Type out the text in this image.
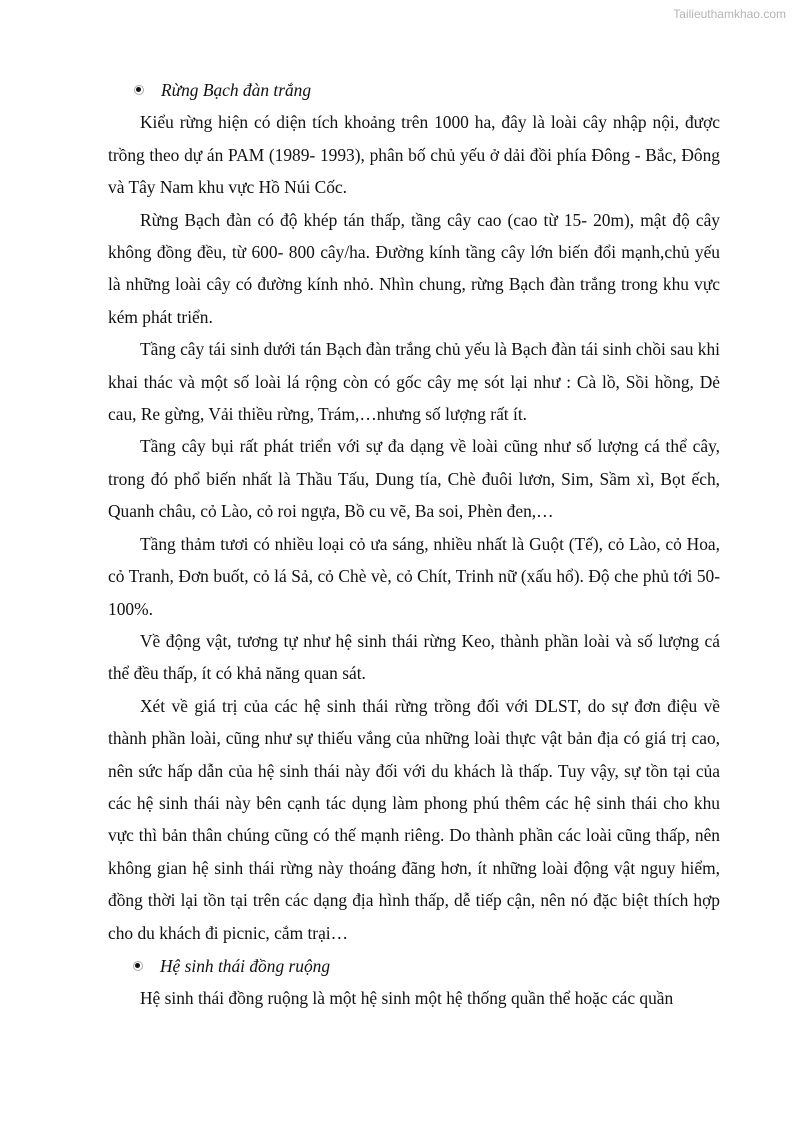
Tailieuthamkhao.com
Rừng Bạch đàn trắng

Kiểu rừng hiện có diện tích khoảng trên 1000 ha, đây là loài cây nhập nội, được trồng theo dự án PAM (1989- 1993), phân bố chủ yếu ở dải đồi phía Đông - Bắc, Đông và Tây Nam khu vực Hồ Núi Cốc.

Rừng Bạch đàn có độ khép tán thấp, tầng cây cao (cao từ 15- 20m), mật độ cây không đồng đều, từ 600- 800 cây/ha. Đường kính tầng cây lớn biến đổi mạnh,chủ yếu là những loài cây có đường kính nhỏ. Nhìn chung, rừng Bạch đàn trắng trong khu vực kém phát triển.

Tầng cây tái sinh dưới tán Bạch đàn trắng chủ yếu là Bạch đàn tái sinh chồi sau khi khai thác và một số loài lá rộng còn có gốc cây mẹ sót lại như : Cà lồ, Sồi hồng, Dẻ cau, Re gừng, Vải thiều rừng, Trám,…nhưng số lượng rất ít.

Tầng cây bụi rất phát triển với sự đa dạng về loài cũng như số lượng cá thể cây, trong đó phổ biến nhất là Thầu Tấu, Dung tía, Chè đuôi lươn, Sim, Sầm xì, Bọt ếch, Quanh châu, cỏ Lào, cỏ roi ngựa, Bồ cu vẽ, Ba soi, Phèn đen,…

Tầng thảm tươi có nhiều loại cỏ ưa sáng, nhiều nhất là Guột (Tế), cỏ Lào, cỏ Hoa, cỏ Tranh, Đơn buốt, cỏ lá Sả, cỏ Chè vè, cỏ Chít, Trinh nữ (xấu hổ). Độ che phủ tới 50- 100%.

Về động vật, tương tự như hệ sinh thái rừng Keo, thành phần loài và số lượng cá thể đều thấp, ít có khả năng quan sát.

Xét về giá trị của các hệ sinh thái rừng trồng đối với DLST, do sự đơn điệu về thành phần loài, cũng như sự thiếu vắng của những loài thực vật bản địa có giá trị cao, nên sức hấp dẫn của hệ sinh thái này đối với du khách là thấp. Tuy vậy, sự tồn tại của các hệ sinh thái này bên cạnh tác dụng làm phong phú thêm các hệ sinh thái cho khu vực thì bản thân chúng cũng có thế mạnh riêng. Do thành phần các loài cũng thấp, nên không gian hệ sinh thái rừng này thoáng đãng hơn, ít những loài động vật nguy hiểm, đồng thời lại tồn tại trên các dạng địa hình thấp, dễ tiếp cận, nên nó đặc biệt thích hợp cho du khách đi picnic, cắm trại…

Hệ sinh thái đồng ruộng

Hệ sinh thái đồng ruộng là một hệ sinh một hệ thống quần thể hoặc các quần
